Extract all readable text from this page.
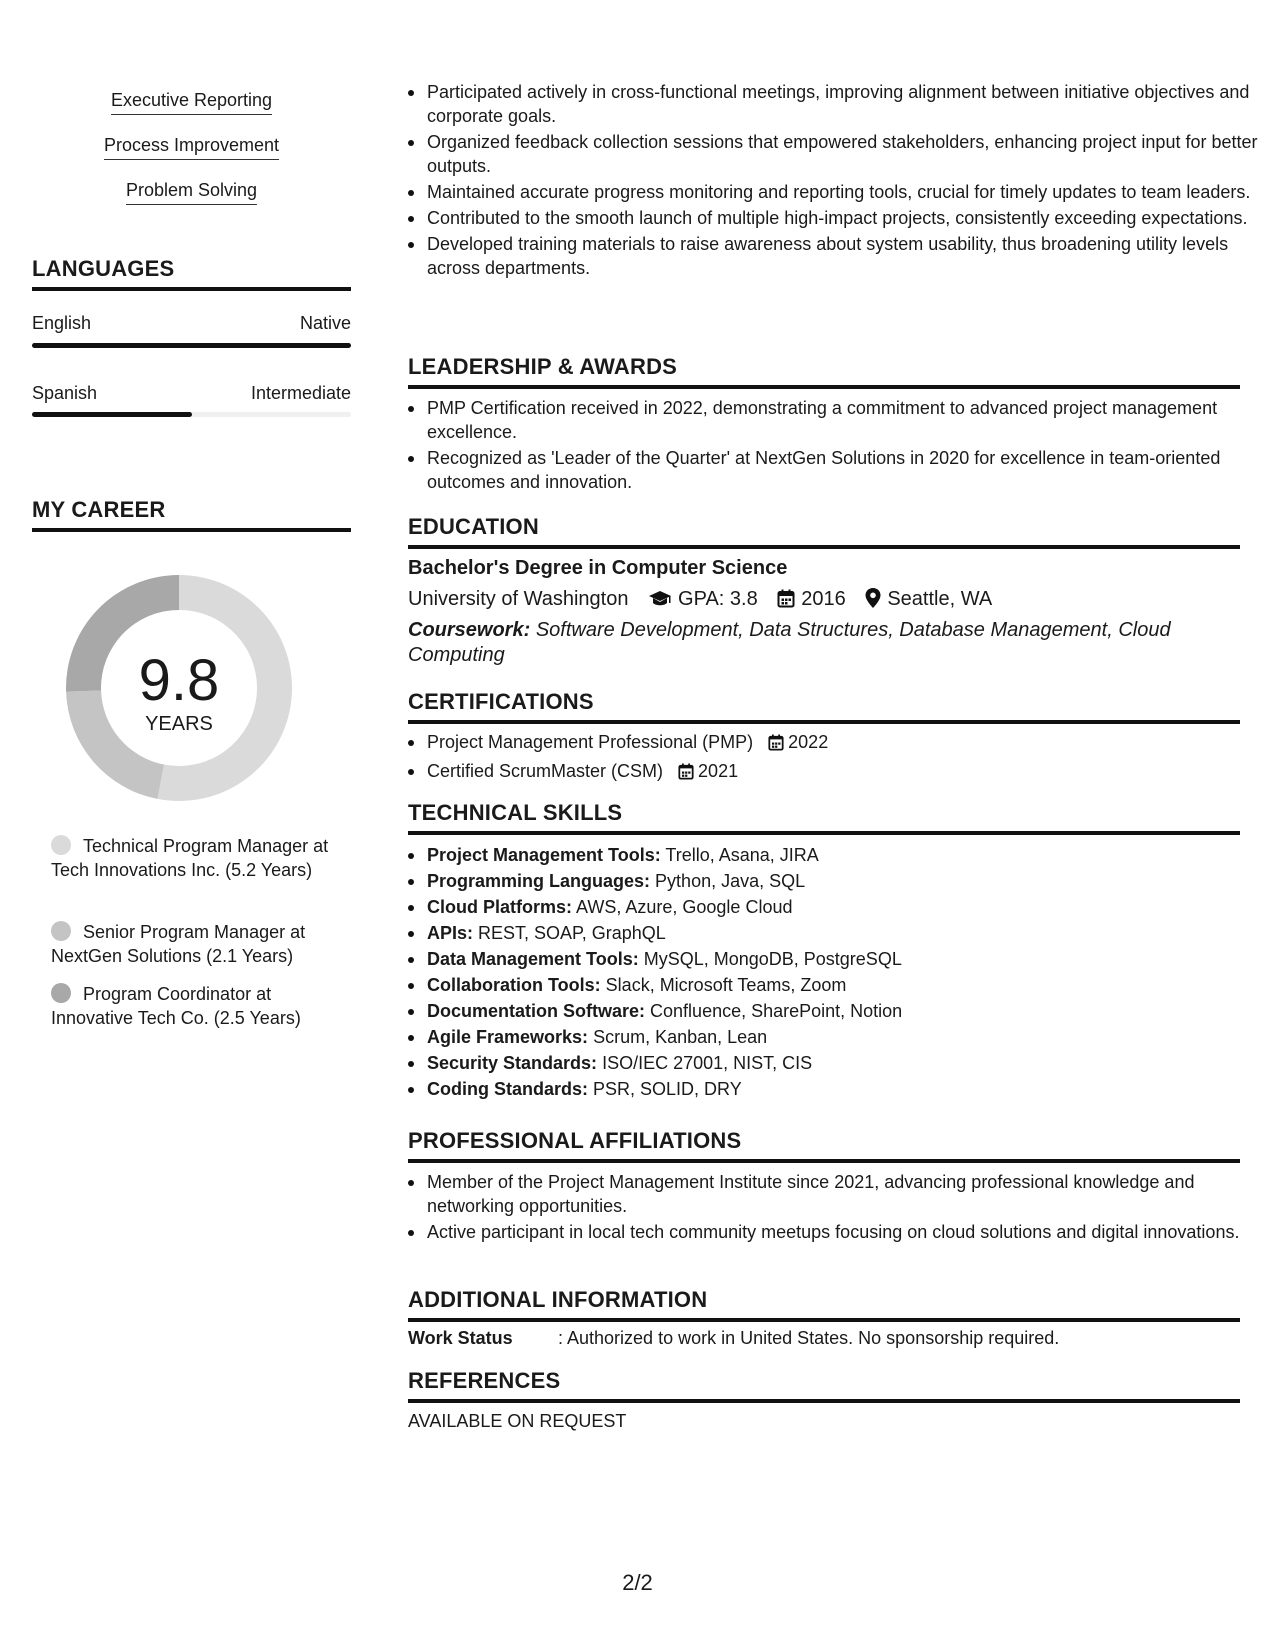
Executive Reporting
Process Improvement
Problem Solving
LANGUAGES
English	Native
Spanish	Intermediate
MY CAREER
9.8
YEARS
Technical Program Manager at Tech Innovations Inc. (5.2 Years)
Senior Program Manager at NextGen Solutions (2.1 Years)
Program Coordinator at Innovative Tech Co. (2.5 Years)
Participated actively in cross-functional meetings, improving alignment between initiative objectives and corporate goals.
Organized feedback collection sessions that empowered stakeholders, enhancing project input for better outputs.
Maintained accurate progress monitoring and reporting tools, crucial for timely updates to team leaders.
Contributed to the smooth launch of multiple high-impact projects, consistently exceeding expectations.
Developed training materials to raise awareness about system usability, thus broadening utility levels across departments.
LEADERSHIP & AWARDS
PMP Certification received in 2022, demonstrating a commitment to advanced project management excellence.
Recognized as 'Leader of the Quarter' at NextGen Solutions in 2020 for excellence in team-oriented outcomes and innovation.
EDUCATION
Bachelor's Degree in Computer Science
University of Washington GPA: 3.8 2016 Seattle, WA
Coursework: Software Development, Data Structures, Database Management, Cloud Computing
CERTIFICATIONS
Project Management Professional (PMP) 2022
Certified ScrumMaster (CSM) 2021
TECHNICAL SKILLS
Project Management Tools: Trello, Asana, JIRA
Programming Languages: Python, Java, SQL
Cloud Platforms: AWS, Azure, Google Cloud
APIs: REST, SOAP, GraphQL
Data Management Tools: MySQL, MongoDB, PostgreSQL
Collaboration Tools: Slack, Microsoft Teams, Zoom
Documentation Software: Confluence, SharePoint, Notion
Agile Frameworks: Scrum, Kanban, Lean
Security Standards: ISO/IEC 27001, NIST, CIS
Coding Standards: PSR, SOLID, DRY
PROFESSIONAL AFFILIATIONS
Member of the Project Management Institute since 2021, advancing professional knowledge and networking opportunities.
Active participant in local tech community meetups focusing on cloud solutions and digital innovations.
ADDITIONAL INFORMATION
Work Status	: Authorized to work in United States. No sponsorship required.
REFERENCES
AVAILABLE ON REQUEST
2/2
